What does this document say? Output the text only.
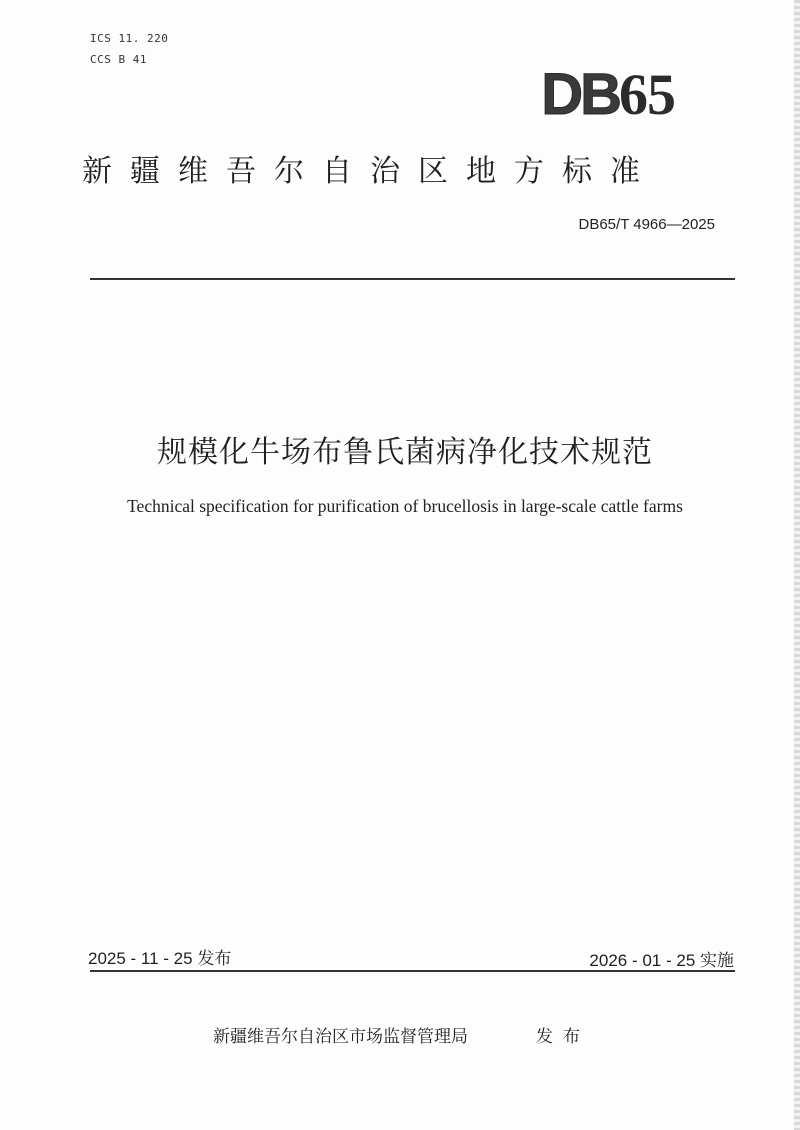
ICS 11. 220
CCS B 41
DB65
新疆维吾尔自治区地方标准
DB65/T 4966—2025
规模化牛场布鲁氏菌病净化技术规范
Technical specification for purification of brucellosis in large-scale cattle farms
2025 - 11 - 25 发布	2026 - 01 - 25 实施
新疆维吾尔自治区市场监督管理局	发布
